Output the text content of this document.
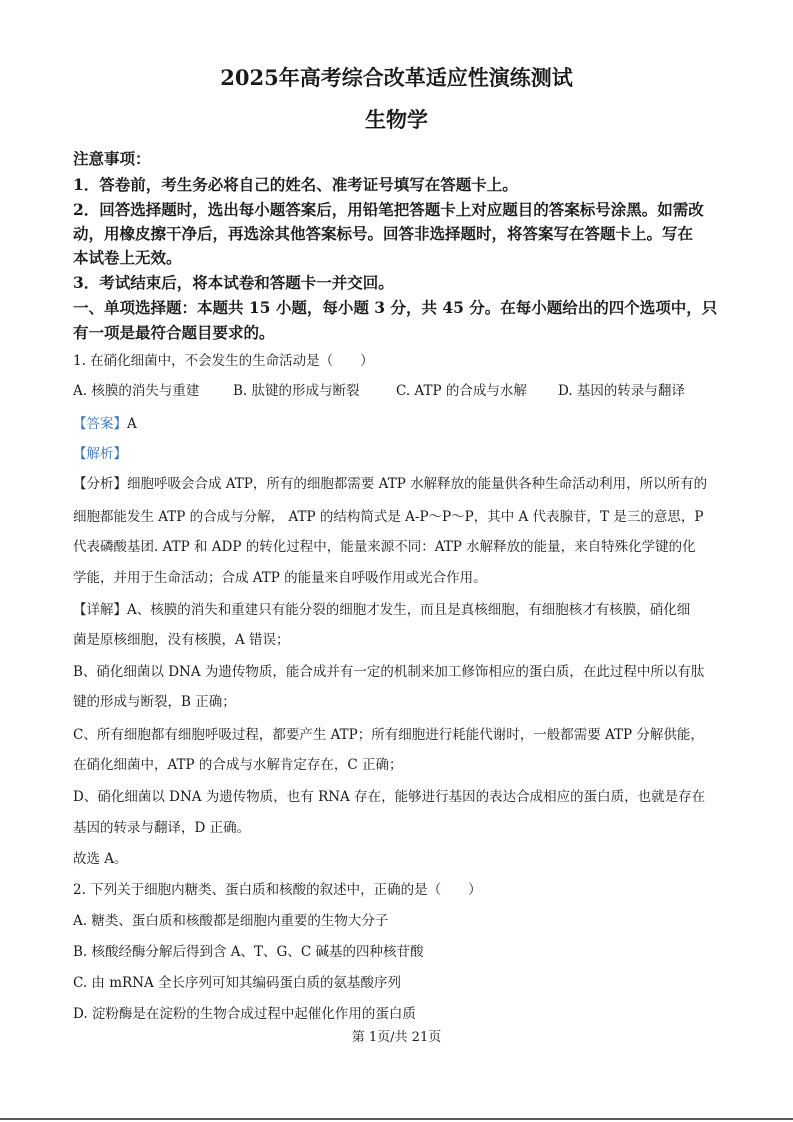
2025年高考综合改革适应性演练测试
生物学
注意事项：
1．答卷前，考生务必将自己的姓名、准考证号填写在答题卡上。
2．回答选择题时，选出每小题答案后，用铅笔把答题卡上对应题目的答案标号涂黑。如需改
动，用橡皮擦干净后，再选涂其他答案标号。回答非选择题时，将答案写在答题卡上。写在
本试卷上无效。
3．考试结束后，将本试卷和答题卡一并交回。
一、单项选择题：本题共 15 小题，每小题 3 分，共 45 分。在每小题给出的四个选项中，只
有一项是最符合题目要求的。
1. 在硝化细菌中，不会发生的生命活动是（　　）
A. 核膜的消失与重建 B. 肽键的形成与断裂	C. ATP 的合成与水解 D. 基因的转录与翻译
【答案】A
【解析】
【分析】细胞呼吸会合成 ATP，所有的细胞都需要 ATP 水解释放的能量供各种生命活动利用，所以所有的
细胞都能发生 ATP 的合成与分解， ATP 的结构简式是 A-P～P～P，其中 A 代表腺苷，T 是三的意思，P
代表磷酸基团. ATP 和 ADP 的转化过程中，能量来源不同：ATP 水解释放的能量，来自特殊化学键的化
学能，并用于生命活动；合成 ATP 的能量来自呼吸作用或光合作用。
【详解】A、核膜的消失和重建只有能分裂的细胞才发生，而且是真核细胞，有细胞核才有核膜，硝化细
菌是原核细胞，没有核膜，A 错误；
B、硝化细菌以 DNA 为遗传物质，能合成并有一定的机制来加工修饰相应的蛋白质，在此过程中所以有肽
键的形成与断裂，B 正确；
C、所有细胞都有细胞呼吸过程，都要产生 ATP；所有细胞进行耗能代谢时，一般都需要 ATP 分解供能，
在硝化细菌中，ATP 的合成与水解肯定存在，C 正确；
D、硝化细菌以 DNA 为遗传物质，也有 RNA 存在，能够进行基因的表达合成相应的蛋白质，也就是存在
基因的转录与翻译，D 正确。
故选 A。
2. 下列关于细胞内糖类、蛋白质和核酸的叙述中，正确的是（　　）
A. 糖类、蛋白质和核酸都是细胞内重要的生物大分子
B. 核酸经酶分解后得到含 A、T、G、C 碱基的四种核苷酸
C. 由 mRNA 全长序列可知其编码蛋白质的氨基酸序列
D. 淀粉酶是在淀粉的生物合成过程中起催化作用的蛋白质
第 1页/共 21页
